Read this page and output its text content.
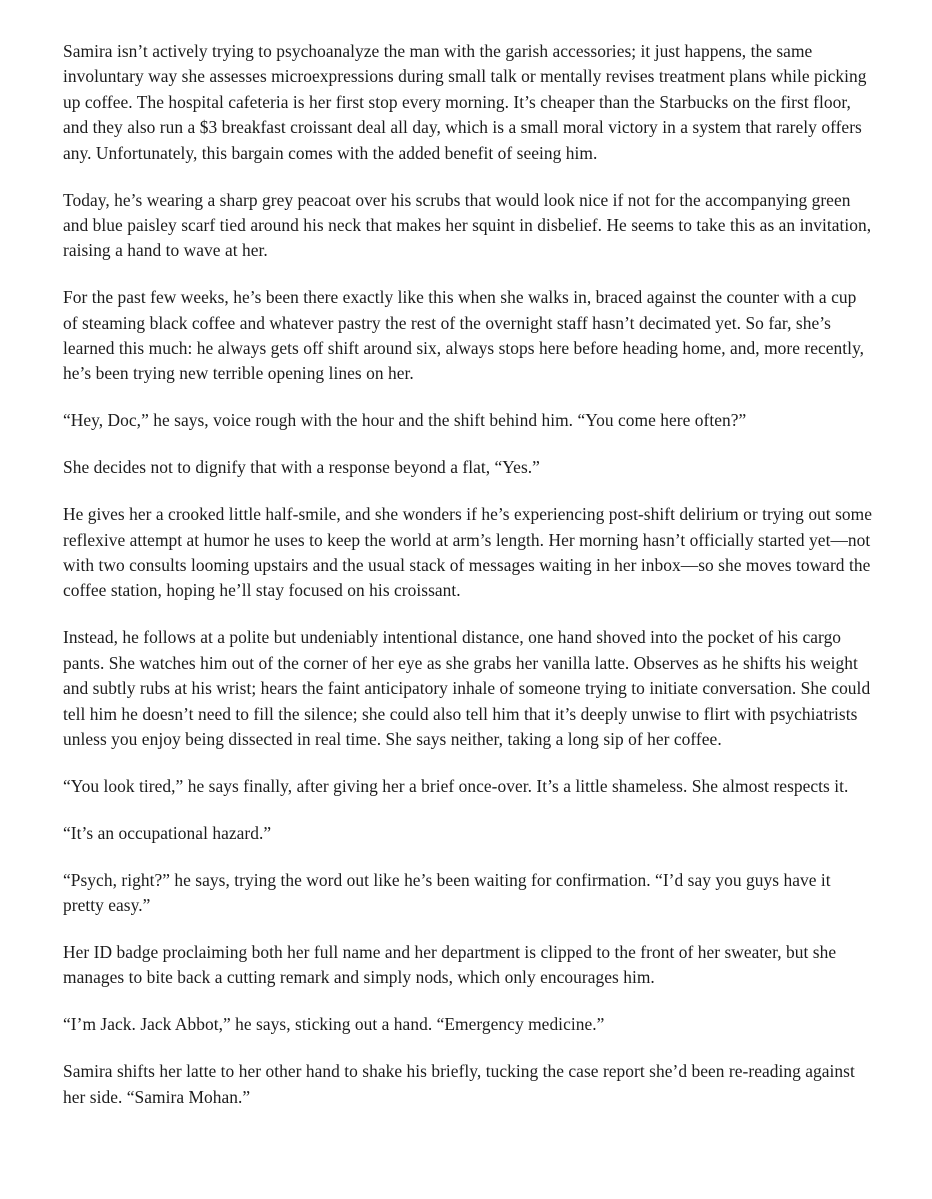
Samira isn’t actively trying to psychoanalyze the man with the garish accessories; it just happens, the same involuntary way she assesses microexpressions during small talk or mentally revises treatment plans while picking up coffee. The hospital cafeteria is her first stop every morning. It’s cheaper than the Starbucks on the first floor, and they also run a $3 breakfast croissant deal all day, which is a small moral victory in a system that rarely offers any. Unfortunately, this bargain comes with the added benefit of seeing him.

Today, he’s wearing a sharp grey peacoat over his scrubs that would look nice if not for the accompanying green and blue paisley scarf tied around his neck that makes her squint in disbelief. He seems to take this as an invitation, raising a hand to wave at her.

For the past few weeks, he’s been there exactly like this when she walks in, braced against the counter with a cup of steaming black coffee and whatever pastry the rest of the overnight staff hasn’t decimated yet. So far, she’s learned this much: he always gets off shift around six, always stops here before heading home, and, more recently, he’s been trying new terrible opening lines on her.

“Hey, Doc,” he says, voice rough with the hour and the shift behind him. “You come here often?”

She decides not to dignify that with a response beyond a flat, “Yes.”

He gives her a crooked little half-smile, and she wonders if he’s experiencing post-shift delirium or trying out some reflexive attempt at humor he uses to keep the world at arm’s length. Her morning hasn’t officially started yet—not with two consults looming upstairs and the usual stack of messages waiting in her inbox—so she moves toward the coffee station, hoping he’ll stay focused on his croissant.

Instead, he follows at a polite but undeniably intentional distance, one hand shoved into the pocket of his cargo pants. She watches him out of the corner of her eye as she grabs her vanilla latte. Observes as he shifts his weight and subtly rubs at his wrist; hears the faint anticipatory inhale of someone trying to initiate conversation. She could tell him he doesn’t need to fill the silence; she could also tell him that it’s deeply unwise to flirt with psychiatrists unless you enjoy being dissected in real time. She says neither, taking a long sip of her coffee.

“You look tired,” he says finally, after giving her a brief once-over. It’s a little shameless. She almost respects it.

“It’s an occupational hazard.”

“Psych, right?” he says, trying the word out like he’s been waiting for confirmation. “I’d say you guys have it pretty easy.”

Her ID badge proclaiming both her full name and her department is clipped to the front of her sweater, but she manages to bite back a cutting remark and simply nods, which only encourages him.

“I’m Jack. Jack Abbot,” he says, sticking out a hand. “Emergency medicine.”

Samira shifts her latte to her other hand to shake his briefly, tucking the case report she’d been re-reading against her side. “Samira Mohan.”
